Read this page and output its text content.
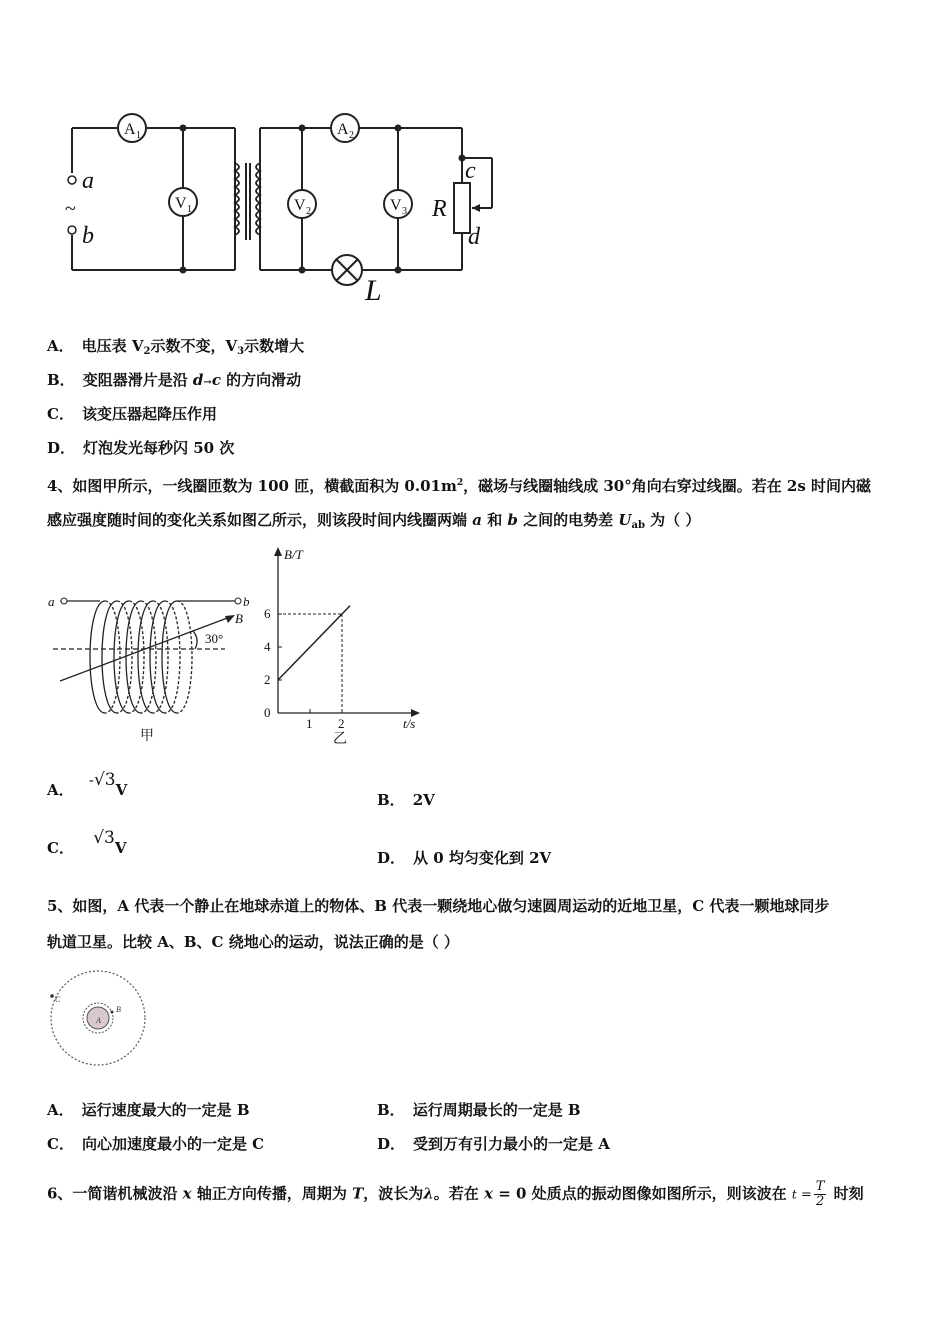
A 1	A 2
V 1	V 2	V 3
a
b
R
c
d
L
~
A． 电压表 $V_2$示数不变，$V_3$示数增大
B． 变阻器滑片是沿 d→c 的方向滑动
C． 该变压器起降压作用
D． 灯泡发光每秒闪 50 次
4、如图甲所示，一线圈匝数为 100 匝，横截面积为 $0.01m^2$，磁场与线圈轴线成 30°角向右穿过线圈。若在 2s 时间内磁
感应强度随时间的变化关系如图乙所示，则该段时间内线圈两端 a 和 b 之间的电势差 $U_{ab}$ 为（ ）
a	b
B
30°
甲
2
4
6
1 2
B/T
t/s
0
乙
A． -√3V
B． 2V
C． √3V
D． 从 0 均匀变化到 2V
5、如图，A 代表一个静止在地球赤道上的物体、B 代表一颗绕地心做匀速圆周运动的近地卫星，C 代表一颗地球同步
轨道卫星。比较 A、B、C 绕地心的运动，说法正确的是（ ）
A
B
C
A． 运行速度最大的一定是 B	B． 运行周期最长的一定是 B
C． 向心加速度最小的一定是 C	D． 受到万有引力最小的一定是 A
6、一简谐机械波沿 x 轴正方向传播，周期为 T，波长为λ。若在 x = 0 处质点的振动图像如图所示，则该波在 $t = \frac{T}{2}$ 时刻
